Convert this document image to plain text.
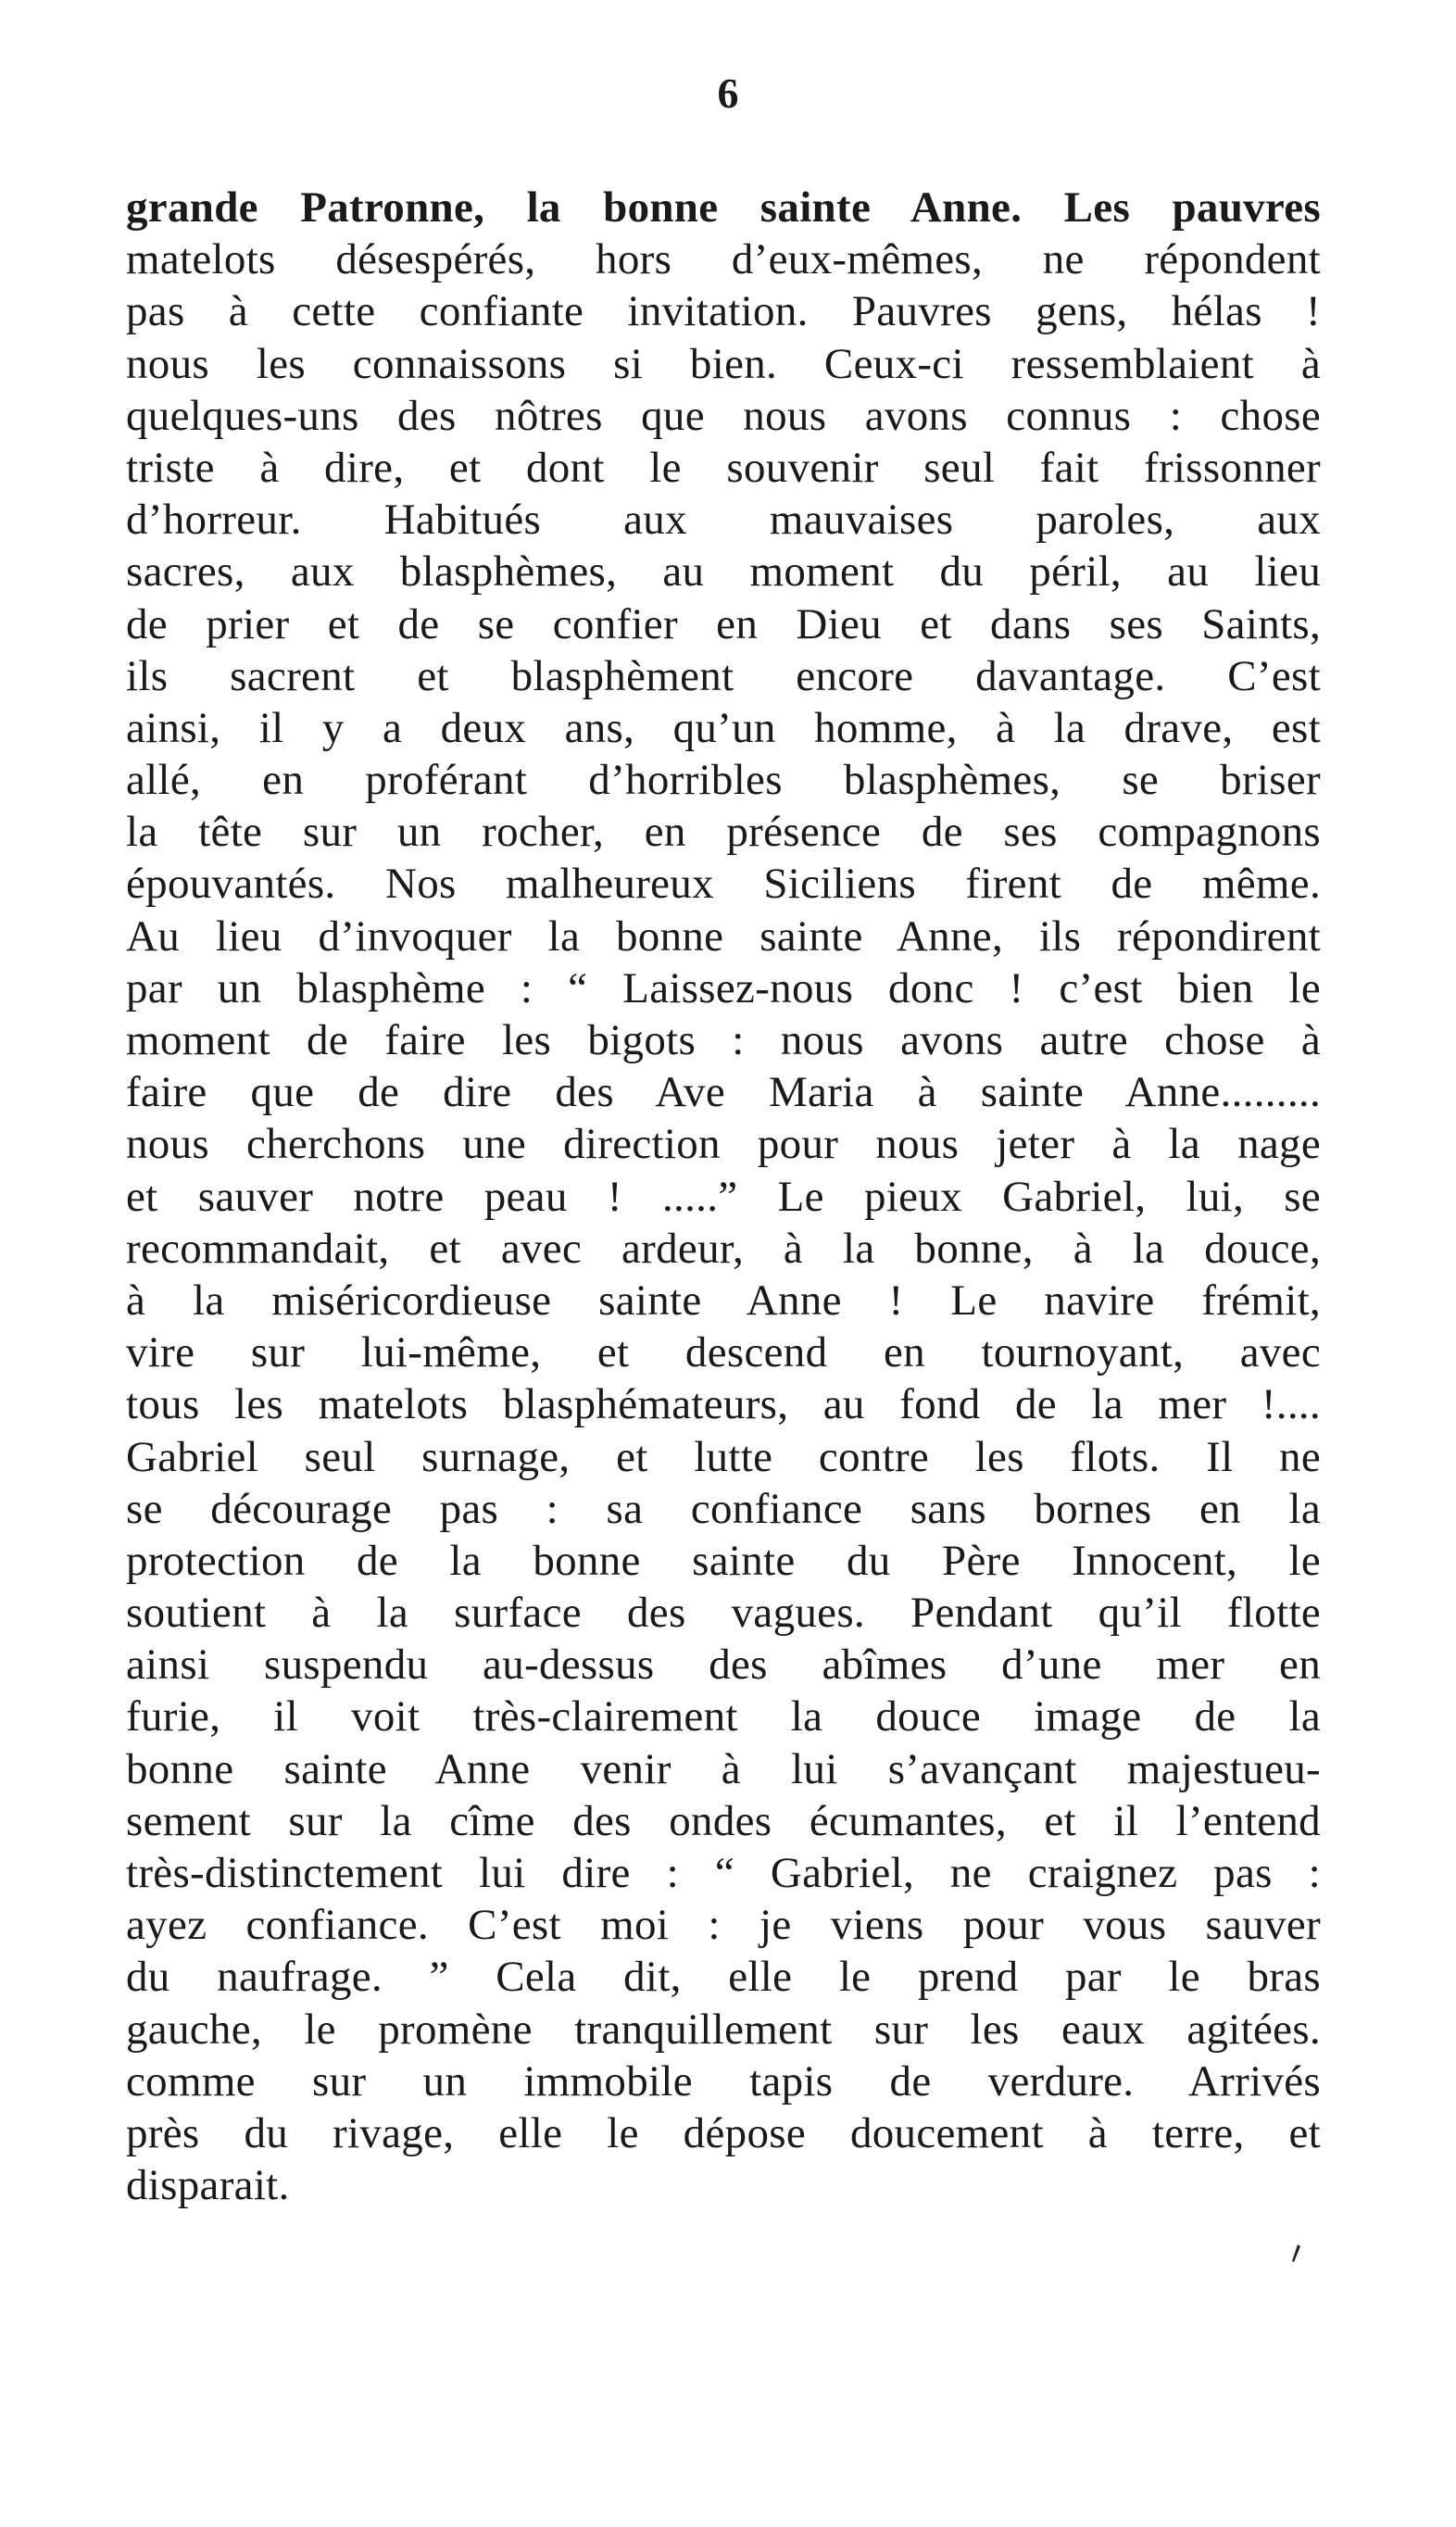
6
grande Patronne, la bonne sainte Anne. Les pauvres
matelots désespérés, hors d’eux-mêmes, ne répondent
pas à cette confiante invitation. Pauvres gens, hélas !
nous les connaissons si bien. Ceux-ci ressemblaient à
quelques-uns des nôtres que nous avons connus : chose
triste à dire, et dont le souvenir seul fait frissonner
d’horreur. Habitués aux mauvaises paroles, aux
sacres, aux blasphèmes, au moment du péril, au lieu
de prier et de se confier en Dieu et dans ses Saints,
ils sacrent et blasphèment encore davantage. C’est
ainsi, il y a deux ans, qu’un homme, à la drave, est
allé, en proférant d’horribles blasphèmes, se briser
la tête sur un rocher, en présence de ses compagnons
épouvantés. Nos malheureux Siciliens firent de même.
Au lieu d’invoquer la bonne sainte Anne, ils répondirent
par un blasphème : “ Laissez-nous donc ! c’est bien le
moment de faire les bigots : nous avons autre chose à
faire que de dire des Ave Maria à sainte Anne.........
nous cherchons une direction pour nous jeter à la nage
et sauver notre peau ! .....” Le pieux Gabriel, lui, se
recommandait, et avec ardeur, à la bonne, à la douce,
à la miséricordieuse sainte Anne ! Le navire frémit,
vire sur lui-même, et descend en tournoyant, avec
tous les matelots blasphémateurs, au fond de la mer !....
Gabriel seul surnage, et lutte contre les flots. Il ne
se décourage pas : sa confiance sans bornes en la
protection de la bonne sainte du Père Innocent, le
soutient à la surface des vagues. Pendant qu’il flotte
ainsi suspendu au-dessus des abîmes d’une mer en
furie, il voit très-clairement la douce image de la
bonne sainte Anne venir à lui s’avançant majestueu-
sement sur la cîme des ondes écumantes, et il l’entend
très-distinctement lui dire : “ Gabriel, ne craignez pas :
ayez confiance. C’est moi : je viens pour vous sauver
du naufrage. ” Cela dit, elle le prend par le bras
gauche, le promène tranquillement sur les eaux agitées.
comme sur un immobile tapis de verdure. Arrivés
près du rivage, elle le dépose doucement à terre, et
disparait.
